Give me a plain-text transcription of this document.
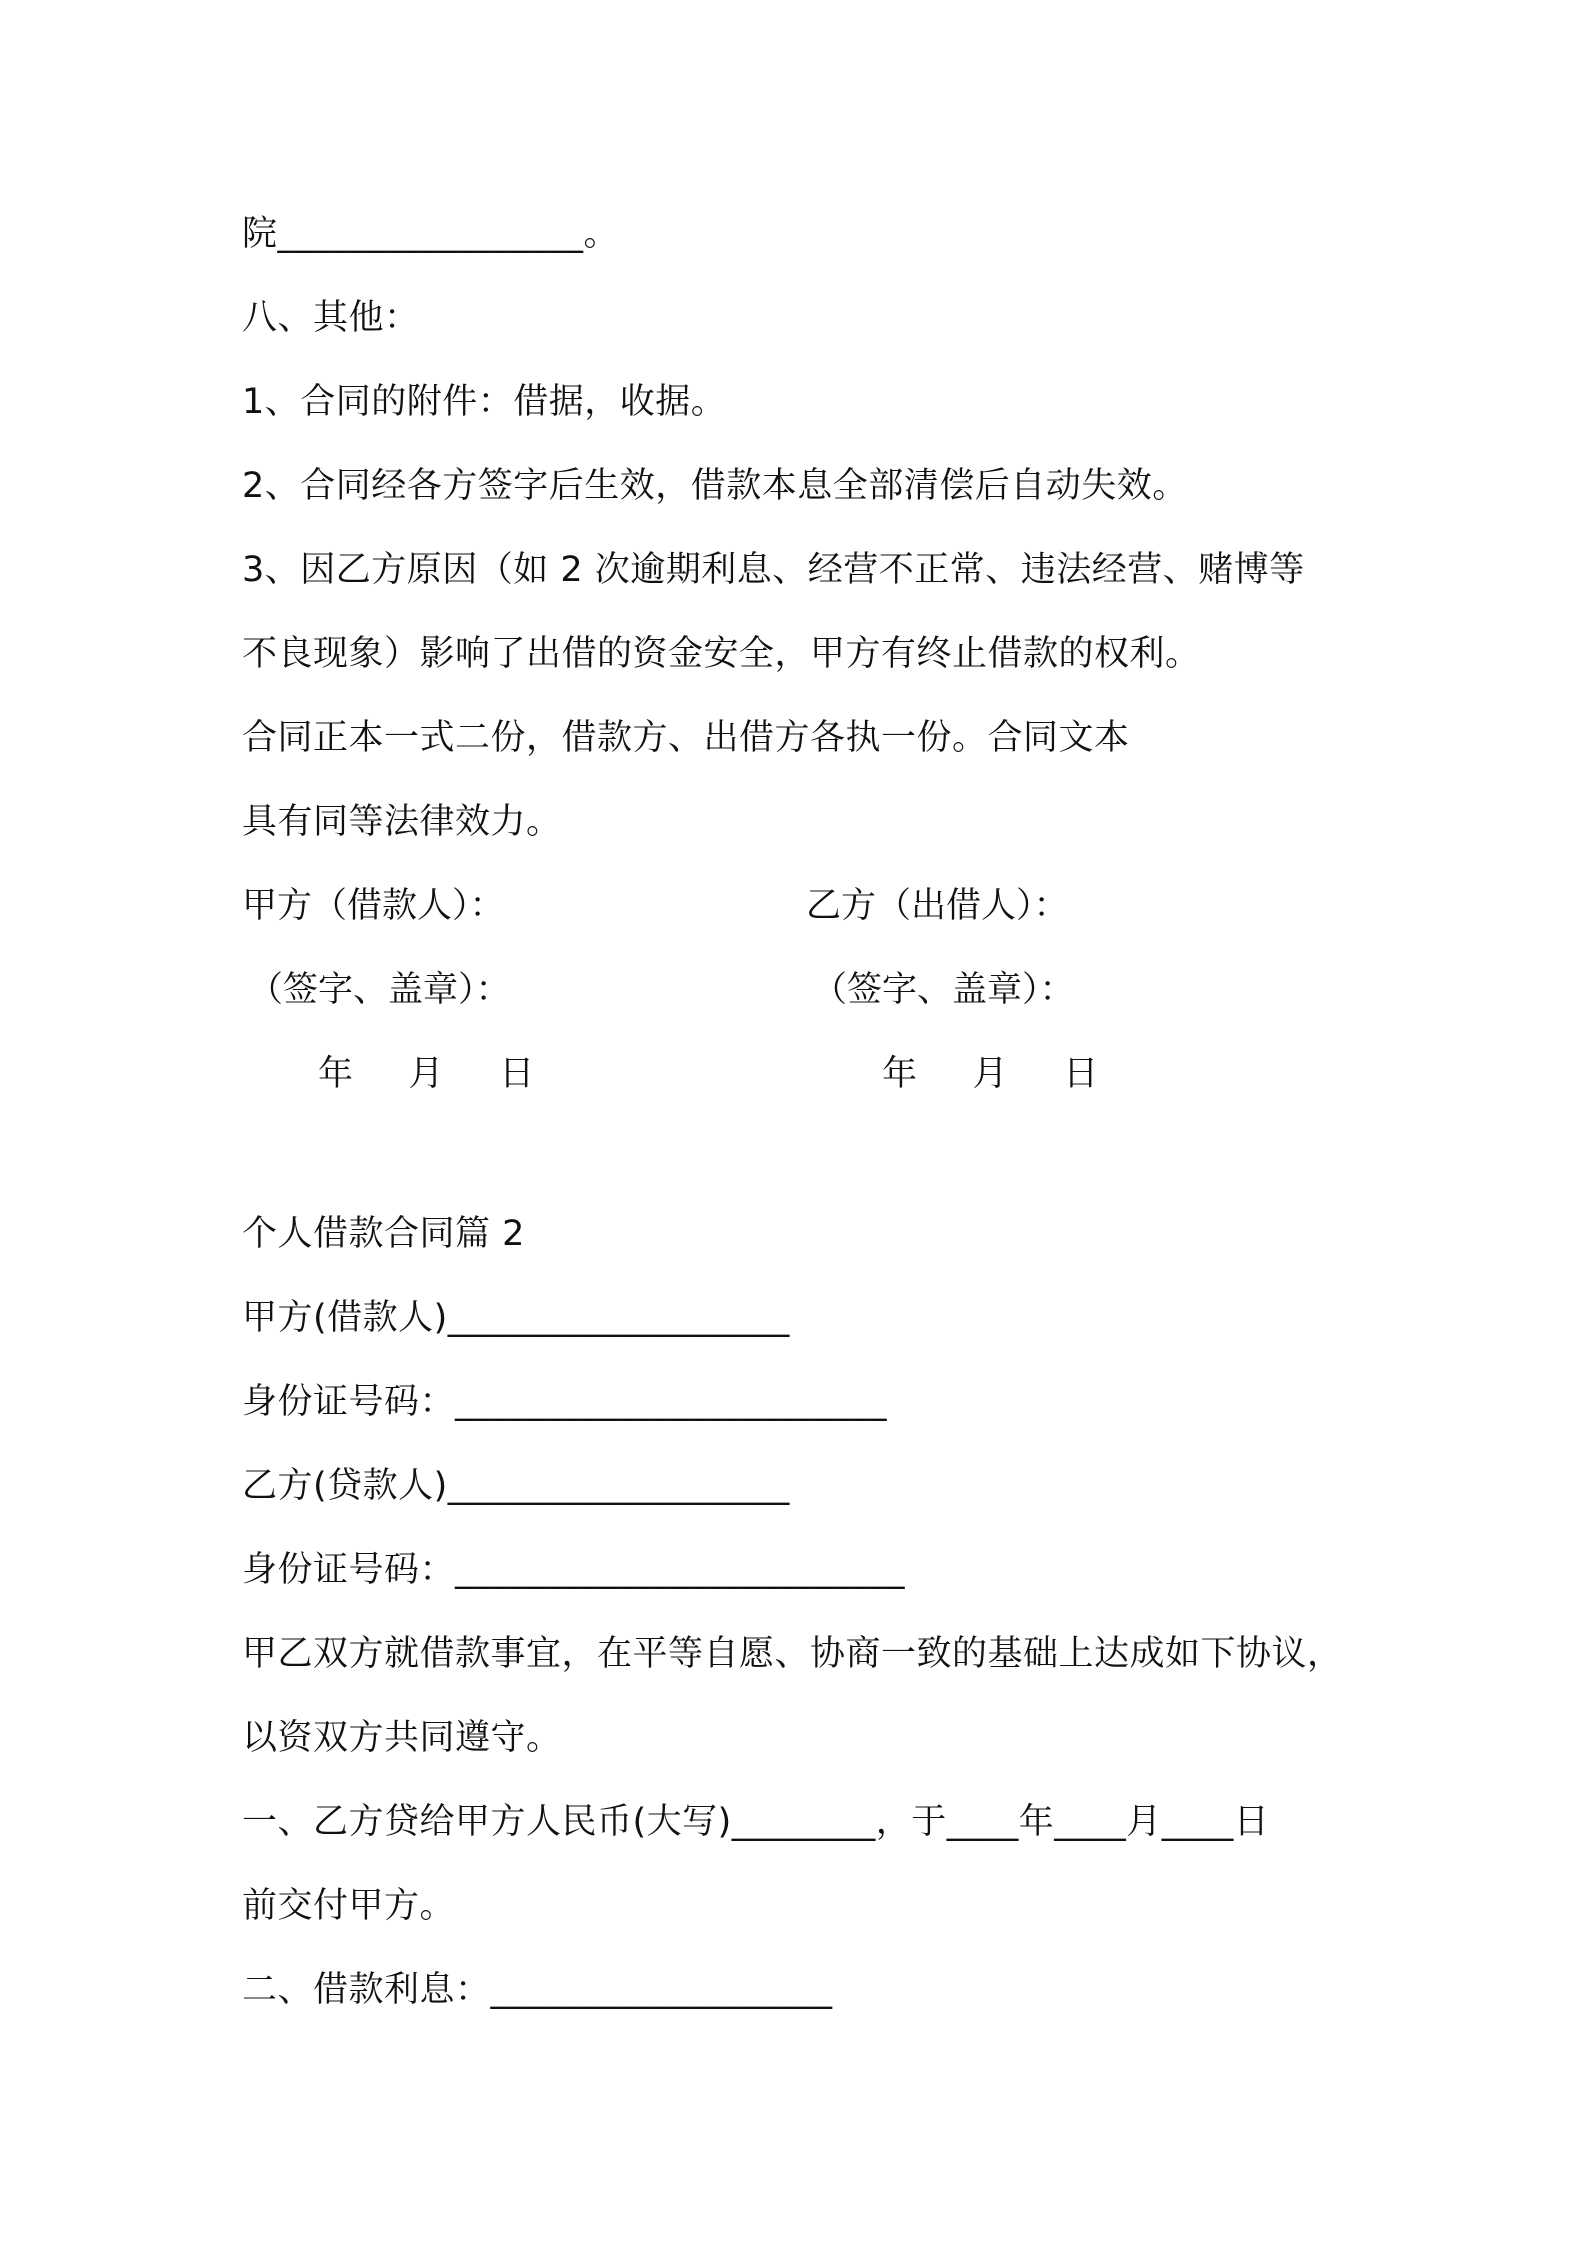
院_________________。
八、其他：
1、合同的附件：借据，收据。
2、合同经各方签字后生效，借款本息全部清偿后自动失效。
3、因乙方原因（如 2 次逾期利息、经营不正常、违法经营、赌博等
不良现象）影响了出借的资金安全，甲方有终止借款的权利。
合同正本一式二份，借款方、出借方各执一份。合同文本
具有同等法律效力。
甲方（借款人）：	乙方（出借人）：
（签字、盖章）：	（签字、盖章）：
年     月     日	年     月     日
个人借款合同篇 2
甲方(借款人)___________________
身份证号码：________________________
乙方(贷款人)___________________
身份证号码：_________________________
甲乙双方就借款事宜，在平等自愿、协商一致的基础上达成如下协议，
以资双方共同遵守。
一、乙方贷给甲方人民币(大写)________，于____年____月____日
前交付甲方。
二、借款利息：___________________
